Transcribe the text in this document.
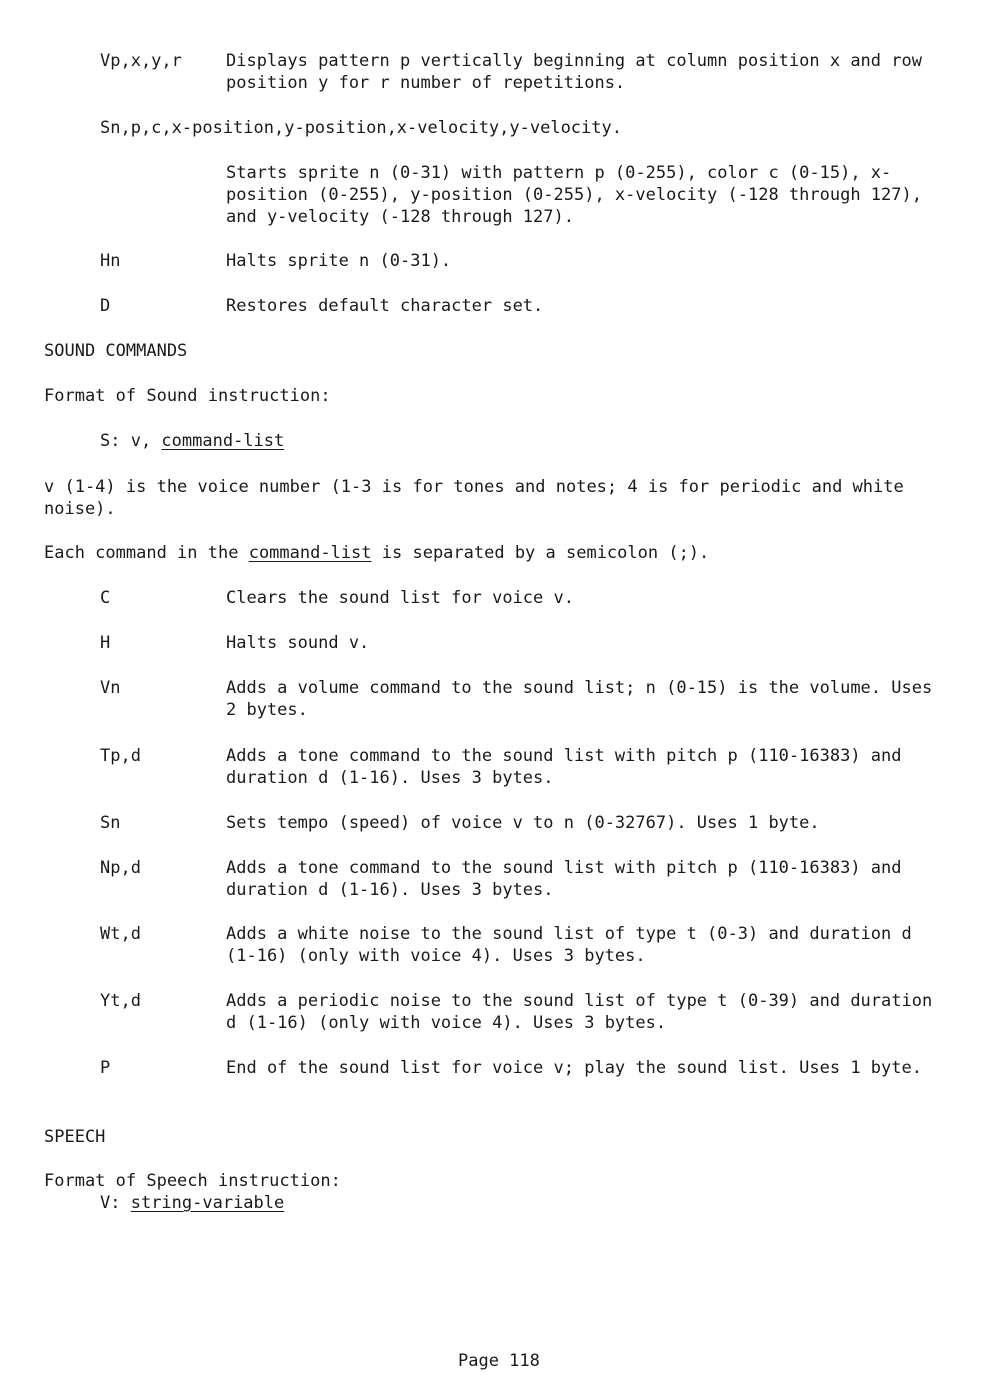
Vp,x,y,r	Displays pattern p vertically beginning at column position x and row position y for r number of repetitions.
Sn,p,c,x-position,y-position,x-velocity,y-velocity.
Starts sprite n (0-31) with pattern p (0-255), color c (0-15), x-position (0-255), y-position (0-255), x-velocity (-128 through 127), and y-velocity (-128 through 127).
Hn	Halts sprite n (0-31).
D	Restores default character set.
SOUND COMMANDS
Format of Sound instruction:
S: v, command-list
v (1-4) is the voice number (1-3 is for tones and notes; 4 is for periodic and white noise).
Each command in the command-list is separated by a semicolon (;).
C	Clears the sound list for voice v.
H	Halts sound v.
Vn	Adds a volume command to the sound list; n (0-15) is the volume. Uses 2 bytes.
Tp,d	Adds a tone command to the sound list with pitch p (110-16383) and duration d (1-16). Uses 3 bytes.
Sn	Sets tempo (speed) of voice v to n (0-32767). Uses 1 byte.
Np,d	Adds a tone command to the sound list with pitch p (110-16383) and duration d (1-16). Uses 3 bytes.
Wt,d	Adds a white noise to the sound list of type t (0-3) and duration d (1-16) (only with voice 4). Uses 3 bytes.
Yt,d	Adds a periodic noise to the sound list of type t (0-39) and duration d (1-16) (only with voice 4). Uses 3 bytes.
P	End of the sound list for voice v; play the sound list. Uses 1 byte.
SPEECH
Format of Speech instruction:
V: string-variable
Page 118
